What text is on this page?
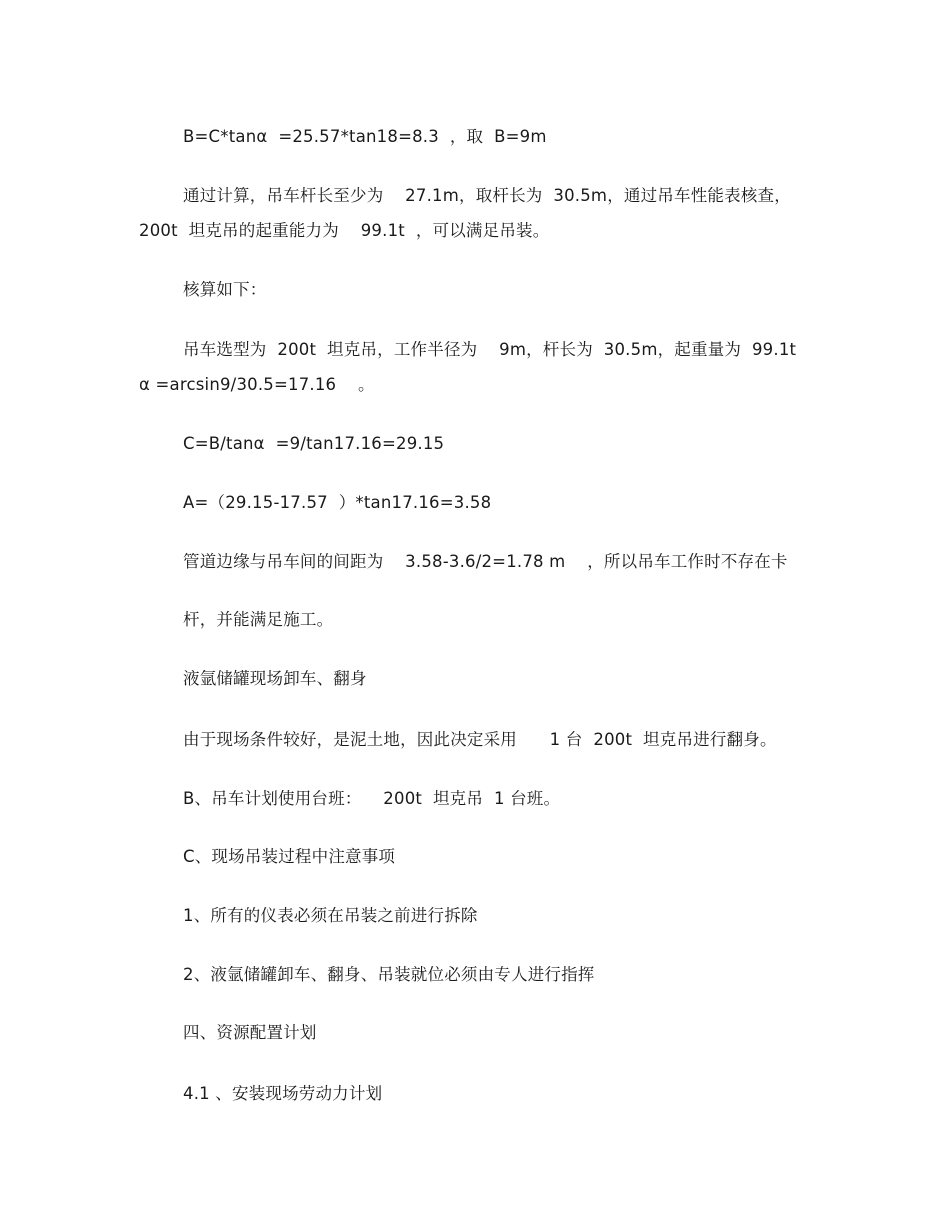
B=C*tanα  =25.57*tan18=8.3  ，取  B=9m
通过计算，吊车杆长至少为    27.1m，取杆长为  30.5m，通过吊车性能表核查，
200t  坦克吊的起重能力为    99.1t  ，可以满足吊装。
核算如下：
吊车选型为  200t  坦克吊，工作半径为    9m，杆长为  30.5m，起重量为  99.1t
α =arcsin9/30.5=17.16    。
C=B/tanα  =9/tan17.16=29.15
A=（29.15-17.57  ）*tan17.16=3.58
管道边缘与吊车间的间距为    3.58-3.6/2=1.78 m    ，所以吊车工作时不存在卡
杆，并能满足施工。
液氩储罐现场卸车、翻身
由于现场条件较好，是泥土地，因此决定采用      1 台  200t  坦克吊进行翻身。
B、吊车计划使用台班：    200t  坦克吊  1 台班。
C、现场吊装过程中注意事项
1、所有的仪表必须在吊装之前进行拆除
2、液氩储罐卸车、翻身、吊装就位必须由专人进行指挥
四、资源配置计划
4.1 、安装现场劳动力计划
